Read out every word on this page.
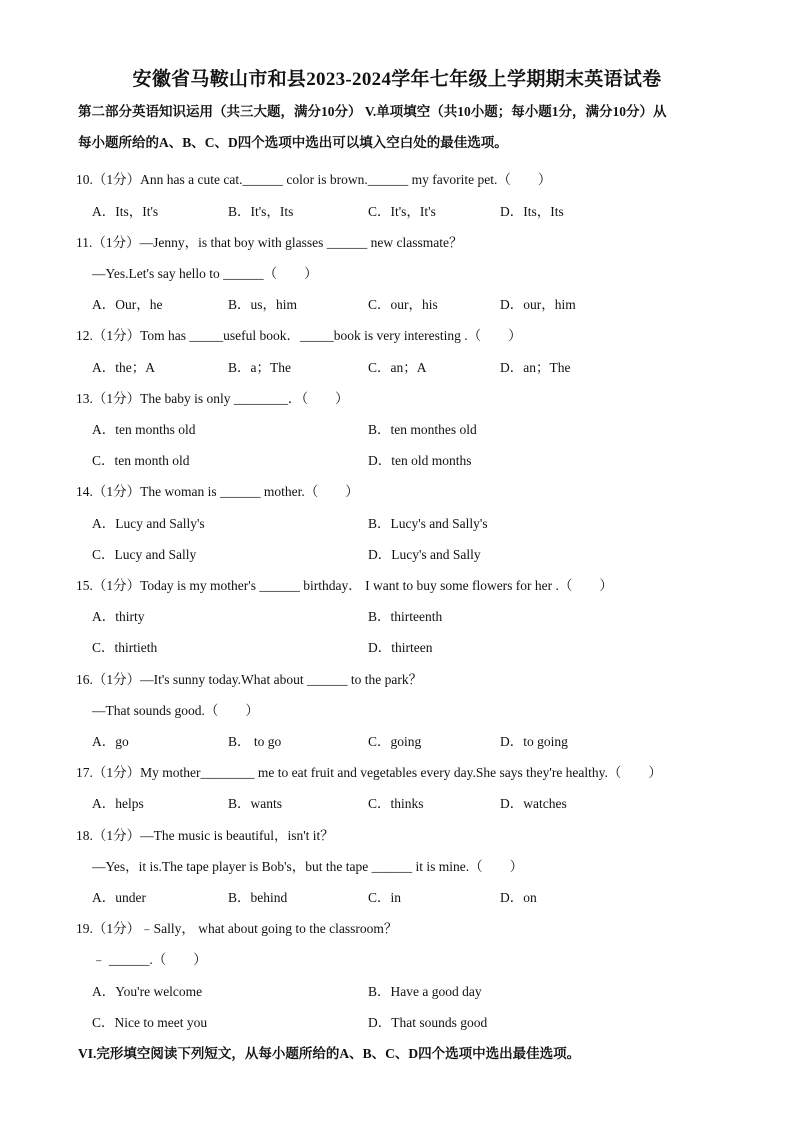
安徽省马鞍山市和县2023-2024学年七年级上学期期末英语试卷
第二部分英语知识运用（共三大题，满分10分） V.单项填空（共10小题；每小题1分，满分10分）从
每小题所给的A、B、C、D四个选项中选出可以填入空白处的最佳选项。
10.（1分）Ann has a cute cat.______ color is brown.______ my favorite pet.（　　）
A．Its，It's	B．It's，Its	C．It's，It's	D．Its，Its
11.（1分）—Jenny，is that boy with glasses ______ new classmate？
—Yes.Let's say hello to ______（　　）
A．Our，he	B．us，him	C．our，his	D．our，him
12.（1分）Tom has _____useful book．_____book is very interesting .（　　）
A．the；A	B．a；The	C．an；A	D．an；The
13.（1分）The baby is only ________．（　　）
A．ten months old	B．ten monthes old
C．ten month old	D．ten old months
14.（1分）The woman is ______ mother.（　　）
A．Lucy and Sally's	B．Lucy's and Sally's
C．Lucy and Sally	D．Lucy's and Sally
15.（1分）Today is my mother's ______ birthday． I want to buy some flowers for her .（　　）
A．thirty	B．thirteenth
C．thirtieth	D．thirteen
16.（1分）—It's sunny today.What about ______ to the park？
—That sounds good.（　　）
A．go	B． to go	C．going	D．to going
17.（1分）My mother________ me to eat fruit and vegetables every day.She says they're healthy.（　　）
A．helps	B．wants	C．thinks	D．watches
18.（1分）—The music is beautiful，isn't it？
—Yes，it is.The tape player is Bob's，but the tape ______ it is mine.（　　）
A．under	B．behind	C．in	D．on
19.（1分）﹣Sally， what about going to the classroom？
﹣ ______.（　　）
A．You're welcome	B．Have a good day
C．Nice to meet you	D．That sounds good
VI.完形填空阅读下列短文，从每小题所给的A、B、C、D四个选项中选出最佳选项。
